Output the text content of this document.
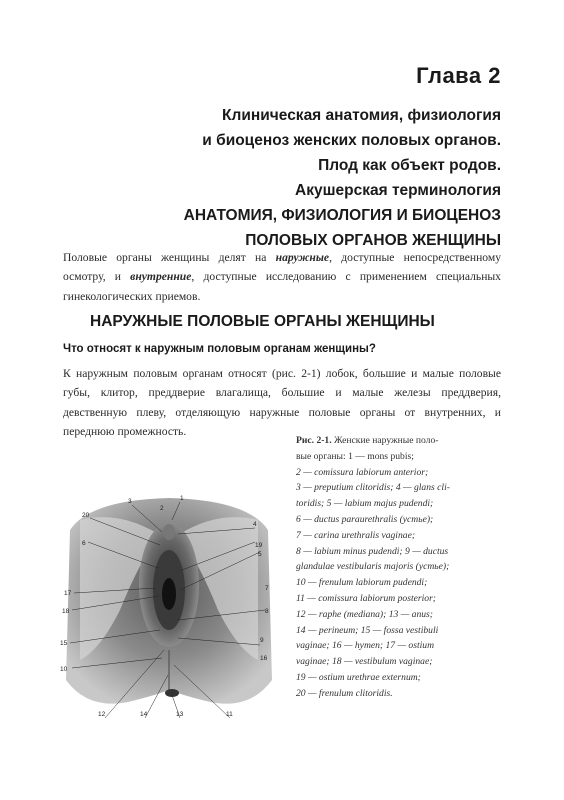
Глава 2
Клиническая анатомия, физиология
и биоценоз женских половых органов.
Плод как объект родов.
Акушерская терминология
АНАТОМИЯ, ФИЗИОЛОГИЯ И БИОЦЕНОЗ
ПОЛОВЫХ ОРГАНОВ ЖЕНЩИНЫ
Половые органы женщины делят на наружные, доступные непосредственному осмотру, и внутренние, доступные исследованию с применением специальных гинекологических приемов.
НАРУЖНЫЕ ПОЛОВЫЕ ОРГАНЫ ЖЕНЩИНЫ
Что относят к наружным половым органам женщины?
К наружным половым органам относят (рис. 2-1) лобок, большие и малые половые губы, клитор, преддверие влагалища, большие и малые железы преддверия, девственную плеву, отделяющую наружные половые органы от внутренних, и переднюю промежность.
1
4
3
20
6	19
5
17
18	8
15	9
16
10
12	14	13	11
2
7
Рис. 2-1. Женские наружные поло-
вые органы: 1 — mons pubis;
2 — comissura labiorum anterior;
3 — preputium clitoridis; 4 — glans cli-
toridis; 5 — labium majus pudendi;
6 — ductus paraurethralis (устье);
7 — carina urethralis vaginae;
8 — labium minus pudendi; 9 — ductus
glandulae vestibularis majoris (устье);
10 — frenulum labiorum pudendi;
11 — comissura labiorum posterior;
12 — raphe (mediana); 13 — anus;
14 — perineum; 15 — fossa vestibuli
vaginae; 16 — hymen; 17 — ostium
vaginae; 18 — vestibulum vaginae;
19 — ostium urethrae externum;
20 — frenulum clitoridis.
